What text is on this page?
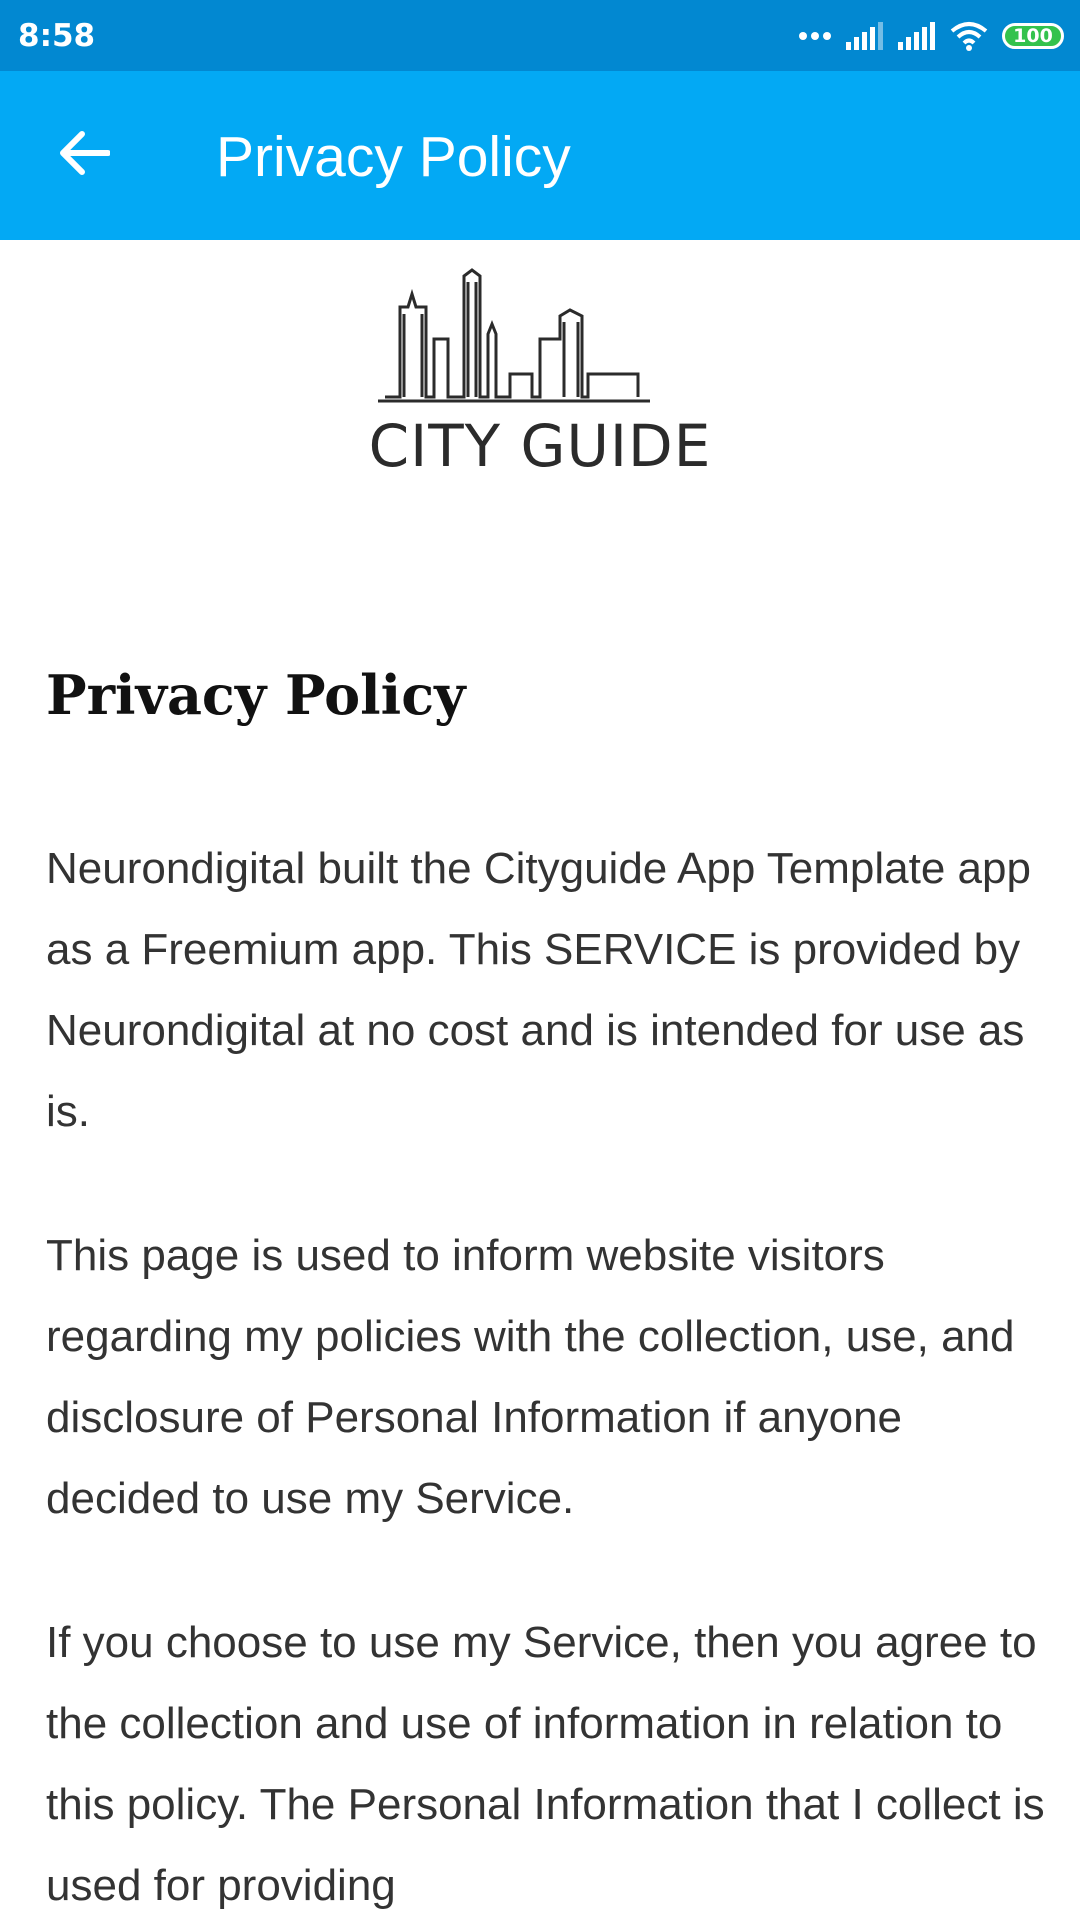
8:58	100
Privacy Policy
CITY GUIDE
Privacy Policy

Neurondigital built the Cityguide App Template app as a Freemium app. This SERVICE is provided by Neurondigital at no cost and is intended for use as is.

This page is used to inform website visitors regarding my policies with the collection, use, and disclosure of Personal Information if anyone decided to use my Service.

If you choose to use my Service, then you agree to the collection and use of information in relation to this policy. The Personal Information that I collect is used for providing
